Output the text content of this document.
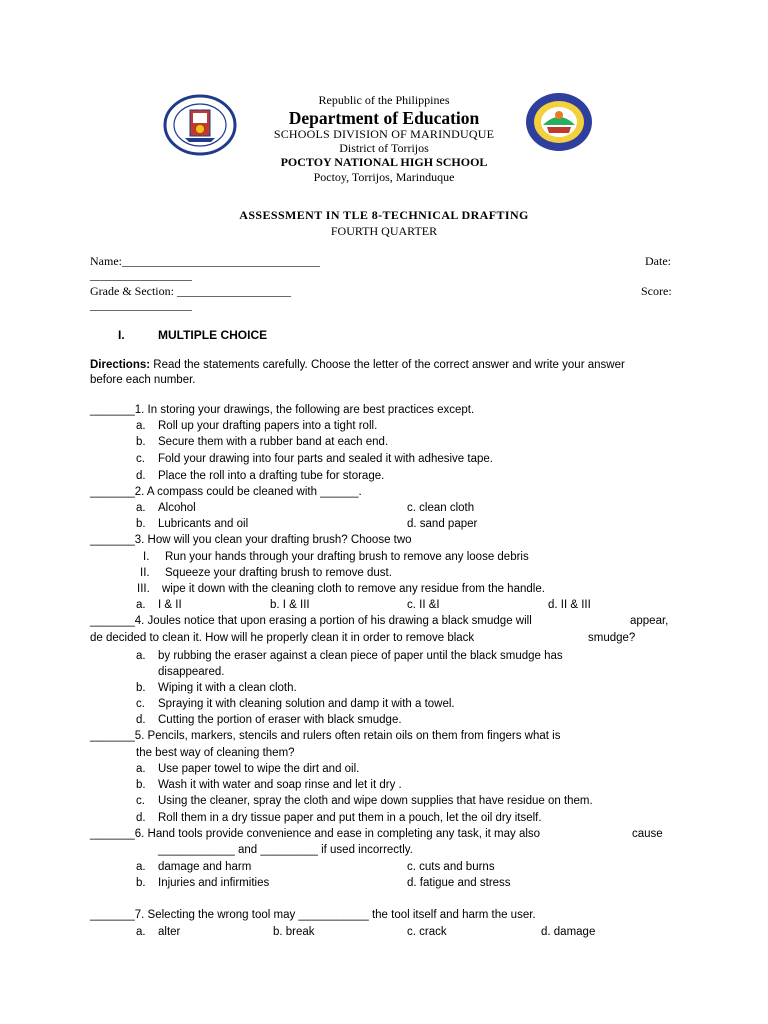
Republic of the Philippines
Department of Education
SCHOOLS DIVISION OF MARINDUQUE
District of Torrijos
POCTOY NATIONAL HIGH SCHOOL
Poctoy, Torrijos, Marinduque
ASSESSMENT IN TLE 8-TECHNICAL DRAFTING
FOURTH QUARTER
Name:_________________________________	Date:
_________________
Grade & Section: ___________________	Score:
_________________
I.	MULTIPLE CHOICE
Directions: Read the statements carefully. Choose the letter of the correct answer and write your answer
before each number.
_______1. In storing your drawings, the following are best practices except.
a. Roll up your drafting papers into a tight roll.
b. Secure them with a rubber band at each end.
c. Fold your drawing into four parts and sealed it with adhesive tape.
d. Place the roll into a drafting tube for storage.
_______2. A compass could be cleaned with ______.
a. Alcohol	c. clean cloth
b. Lubricants and oil	d. sand paper
_______3. How will you clean your drafting brush? Choose two
I. Run your hands through your drafting brush to remove any loose debris
II. Squeeze your drafting brush to remove dust.
III. wipe it down with the cleaning cloth to remove any residue from the handle.
a. I & II	b. I & III	c. II &I	d. II & III
_______4. Joules notice that upon erasing a portion of his drawing a black smudge will	appear,
de decided to clean it. How will he properly clean it in order to remove black	smudge?
a. by rubbing the eraser against a clean piece of paper until the black smudge has
disappeared.
b. Wiping it with a clean cloth.
c. Spraying it with cleaning solution and damp it with a towel.
d. Cutting the portion of eraser with black smudge.
_______5. Pencils, markers, stencils and rulers often retain oils on them from fingers what is
the best way of cleaning them?
a. Use paper towel to wipe the dirt and oil.
b. Wash it with water and soap rinse and let it dry .
c. Using the cleaner, spray the cloth and wipe down supplies that have residue on them.
d. Roll them in a dry tissue paper and put them in a pouch, let the oil dry itself.
_______6. Hand tools provide convenience and ease in completing any task, it may also	cause
____________ and _________ if used incorrectly.
a. damage and harm	c. cuts and burns
b. Injuries and infirmities	d. fatigue and stress
_______7. Selecting the wrong tool may ___________ the tool itself and harm the user.
a. alter	b. break	c. crack	d. damage
